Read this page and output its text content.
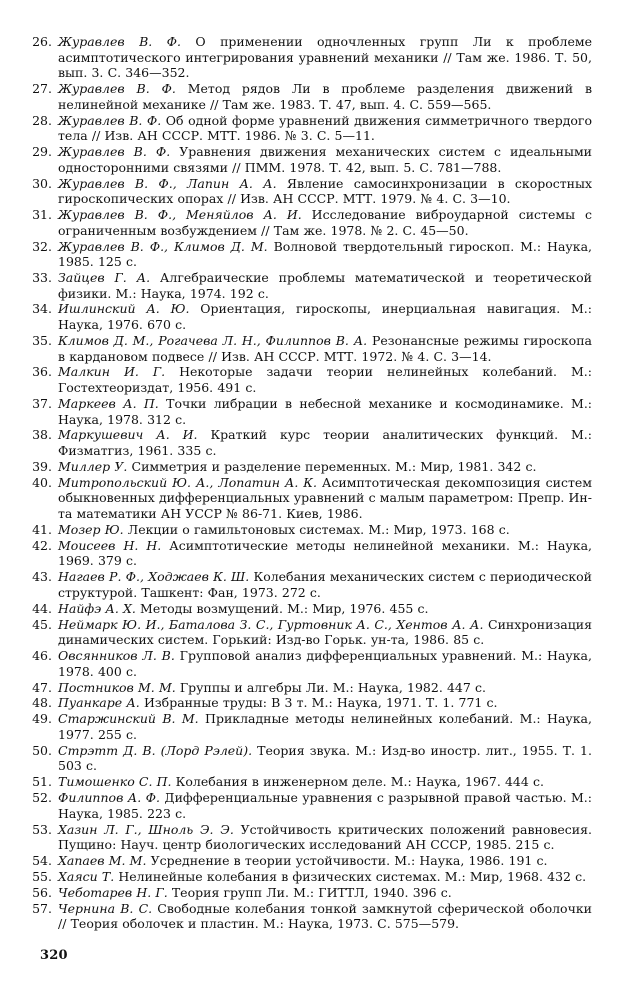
26. Журавлев В. Ф. О применении одночленных групп Ли к проблеме асимптотического интегрирования уравнений механики // Там же. 1986. Т. 50, вып. 3. С. 346—352.
27. Журавлев В. Ф. Метод рядов Ли в проблеме разделения движений в нелинейной механике // Там же. 1983. Т. 47, вып. 4. С. 559—565.
28. Журавлев В. Ф. Об одной форме уравнений движения симметричного твердого тела // Изв. АН СССР. МТТ. 1986. № 3. С. 5—11.
29. Журавлев В. Ф. Уравнения движения механических систем с идеальными односторонними связями // ПММ. 1978. Т. 42, вып. 5. С. 781—788.
30. Журавлев В. Ф., Лапин А. А. Явление самосинхронизации в скоростных гироскопических опорах // Изв. АН СССР. МТТ. 1979. № 4. С. 3—10.
31. Журавлев В. Ф., Меняйлов А. И. Исследование виброударной системы с ограниченным возбуждением // Там же. 1978. № 2. С. 45—50.
32. Журавлев В. Ф., Климов Д. М. Волновой твердотельный гироскоп. М.: Наука, 1985. 125 с.
33. Зайцев Г. А. Алгебраические проблемы математической и теоретической физики. М.: Наука, 1974. 192 с.
34. Ишлинский А. Ю. Ориентация, гироскопы, инерциальная навигация. М.: Наука, 1976. 670 с.
35. Климов Д. М., Рогачева Л. Н., Филиппов В. А. Резонансные режимы гироскопа в кардановом подвесе // Изв. АН СССР. МТТ. 1972. № 4. С. 3—14.
36. Малкин И. Г. Некоторые задачи теории нелинейных колебаний. М.: Гостехтеориздат, 1956. 491 с.
37. Маркеев А. П. Точки либрации в небесной механике и космодинамике. М.: Наука, 1978. 312 с.
38. Маркушевич А. И. Краткий курс теории аналитических функций. М.: Физматгиз, 1961. 335 с.
39. Миллер У. Симметрия и разделение переменных. М.: Мир, 1981. 342 с.
40. Митропольский Ю. А., Лопатин А. К. Асимптотическая декомпозиция систем обыкновенных дифференциальных уравнений с малым параметром: Препр. Ин-та математики АН УССР № 86-71. Киев, 1986.
41. Мозер Ю. Лекции о гамильтоновых системах. М.: Мир, 1973. 168 с.
42. Моисеев Н. Н. Асимптотические методы нелинейной механики. М.: Наука, 1969. 379 с.
43. Нагаев Р. Ф., Ходжаев К. Ш. Колебания механических систем с периодической структурой. Ташкент: Фан, 1973. 272 с.
44. Найфэ А. Х. Методы возмущений. М.: Мир, 1976. 455 с.
45. Неймарк Ю. И., Баталова З. С., Гуртовник А. С., Хентов А. А. Синхронизация динамических систем. Горький: Изд-во Горьк. ун-та, 1986. 85 с.
46. Овсянников Л. В. Групповой анализ дифференциальных уравнений. М.: Наука, 1978. 400 с.
47. Постников М. М. Группы и алгебры Ли. М.: Наука, 1982. 447 с.
48. Пуанкаре А. Избранные труды: В 3 т. М.: Наука, 1971. Т. 1. 771 с.
49. Старжинский В. М. Прикладные методы нелинейных колебаний. М.: Наука, 1977. 255 с.
50. Стрэтт Д. В. (Лорд Рэлей). Теория звука. М.: Изд-во иностр. лит., 1955. Т. 1. 503 с.
51. Тимошенко С. П. Колебания в инженерном деле. М.: Наука, 1967. 444 с.
52. Филиппов А. Ф. Дифференциальные уравнения с разрывной правой частью. М.: Наука, 1985. 223 с.
53. Хазин Л. Г., Шноль Э. Э. Устойчивость критических положений равновесия. Пущино: Науч. центр биологических исследований АН СССР, 1985. 215 с.
54. Хапаев М. М. Усреднение в теории устойчивости. М.: Наука, 1986. 191 с.
55. Хаяси Т. Нелинейные колебания в физических системах. М.: Мир, 1968. 432 с.
56. Чеботарев Н. Г. Теория групп Ли. М.: ГИТТЛ, 1940. 396 с.
57. Чернина В. С. Свободные колебания тонкой замкнутой сферической оболочки // Теория оболочек и пластин. М.: Наука, 1973. С. 575—579.
320
